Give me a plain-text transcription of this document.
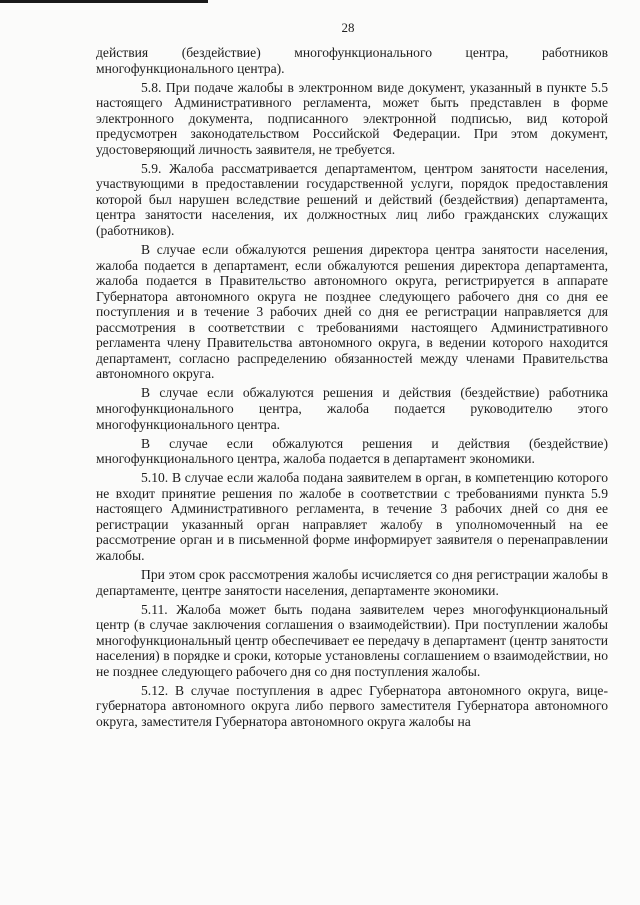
28

действия (бездействие) многофункционального центра, работников многофункционального центра).

5.8. При подаче жалобы в электронном виде документ, указанный в пункте 5.5 настоящего Административного регламента, может быть представлен в форме электронного документа, подписанного электронной подписью, вид которой предусмотрен законодательством Российской Федерации. При этом документ, удостоверяющий личность заявителя, не требуется.

5.9. Жалоба рассматривается департаментом, центром занятости населения, участвующими в предоставлении государственной услуги, порядок предоставления которой был нарушен вследствие решений и действий (бездействия) департамента, центра занятости населения, их должностных лиц либо гражданских служащих (работников).

В случае если обжалуются решения директора центра занятости населения, жалоба подается в департамент, если обжалуются решения директора департамента, жалоба подается в Правительство автономного округа, регистрируется в аппарате Губернатора автономного округа не позднее следующего рабочего дня со дня ее поступления и в течение 3 рабочих дней со дня ее регистрации направляется для рассмотрения в соответствии с требованиями настоящего Административного регламента члену Правительства автономного округа, в ведении которого находится департамент, согласно распределению обязанностей между членами Правительства автономного округа.

В случае если обжалуются решения и действия (бездействие) работника многофункционального центра, жалоба подается руководителю этого многофункционального центра.

В случае если обжалуются решения и действия (бездействие) многофункционального центра, жалоба подается в департамент экономики.

5.10. В случае если жалоба подана заявителем в орган, в компетенцию которого не входит принятие решения по жалобе в соответствии с требованиями пункта 5.9 настоящего Административного регламента, в течение 3 рабочих дней со дня ее регистрации указанный орган направляет жалобу в уполномоченный на ее рассмотрение орган и в письменной форме информирует заявителя о перенаправлении жалобы.

При этом срок рассмотрения жалобы исчисляется со дня регистрации жалобы в департаменте, центре занятости населения, департаменте экономики.

5.11. Жалоба может быть подана заявителем через многофункциональный центр (в случае заключения соглашения о взаимодействии). При поступлении жалобы многофункциональный центр обеспечивает ее передачу в департамент (центр занятости населения) в порядке и сроки, которые установлены соглашением о взаимодействии, но не позднее следующего рабочего дня со дня поступления жалобы.

5.12. В случае поступления в адрес Губернатора автономного округа, вице-губернатора автономного округа либо первого заместителя Губернатора автономного округа, заместителя Губернатора автономного округа жалобы на
